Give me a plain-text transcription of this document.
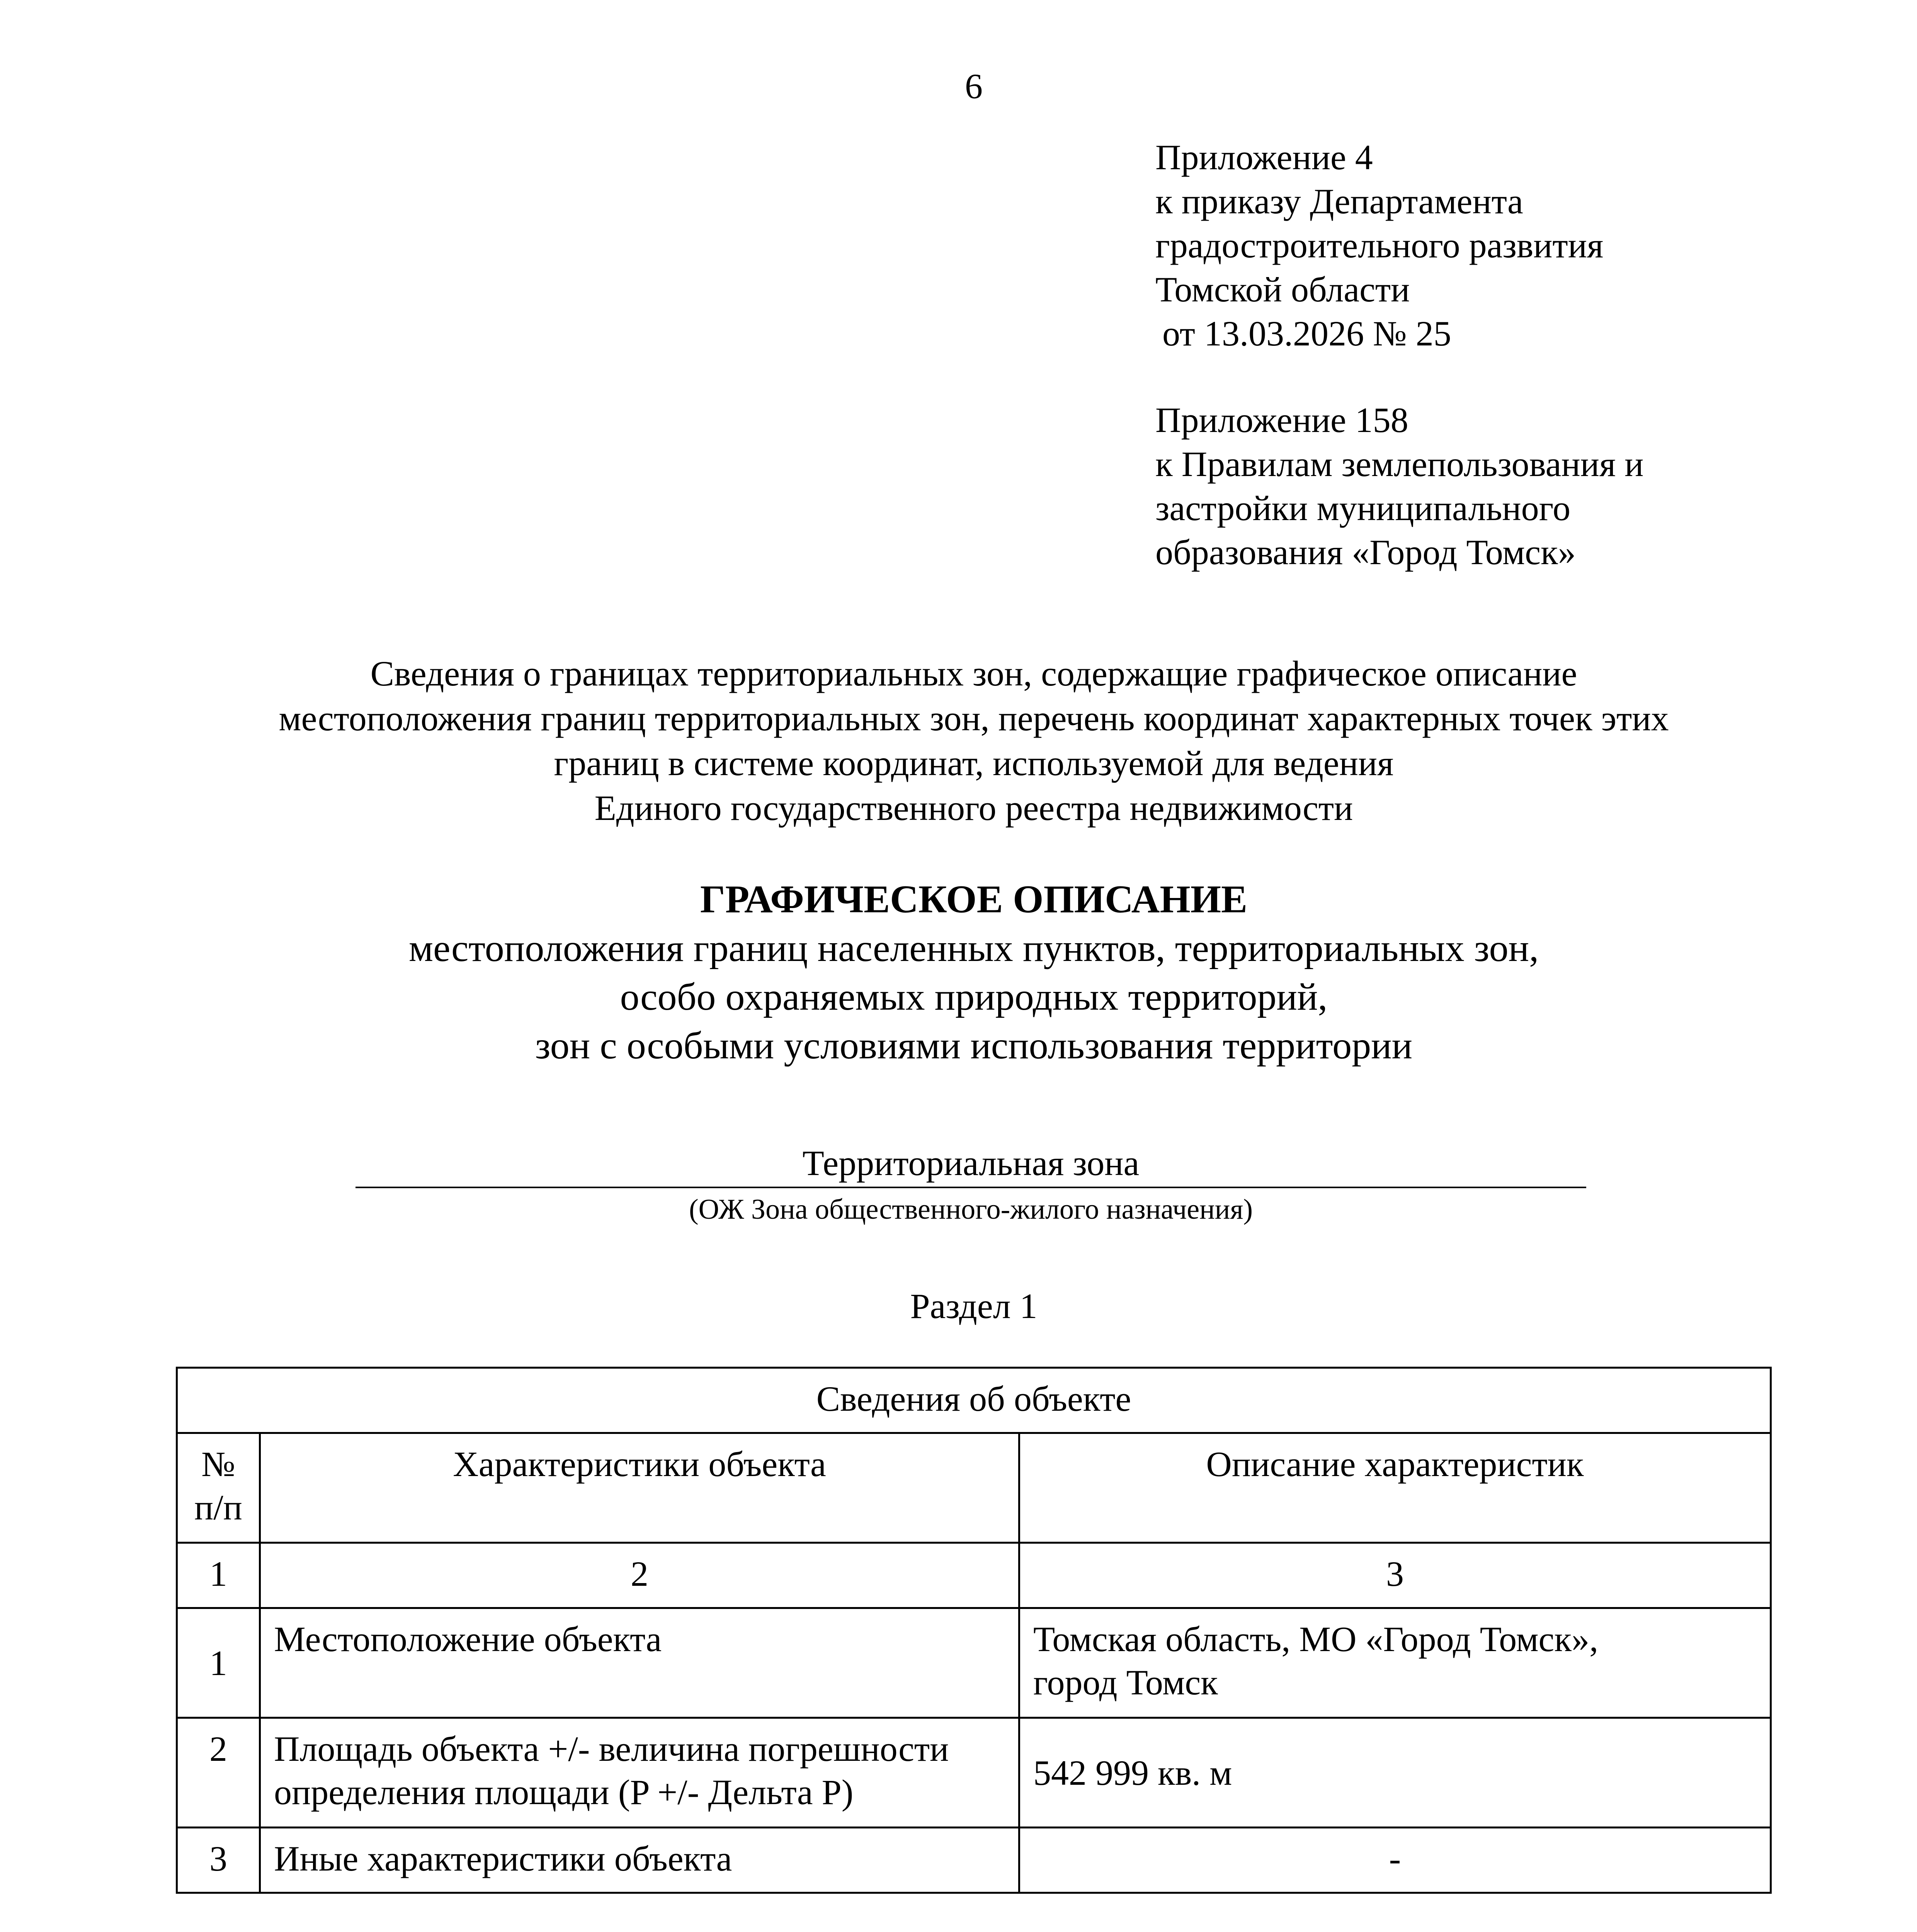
6
Приложение 4
к приказу Департамента
градостроительного развития
Томской области
от 13.03.2026 № 25
Приложение 158
к Правилам землепользования и
застройки муниципального
образования «Город Томск»
Сведения о границах территориальных зон, содержащие графическое описание
местоположения границ территориальных зон, перечень координат характерных точек этих
границ в системе координат, используемой для ведения
Единого государственного реестра недвижимости
ГРАФИЧЕСКОЕ ОПИСАНИЕ
местоположения границ населенных пунктов, территориальных зон,
особо охраняемых природных территорий,
зон с особыми условиями использования территории
Территориальная зона
(ОЖ Зона общественного-жилого назначения)
Раздел 1
Сведения об объекте		
№
п/п	Характеристики объекта	Описание характеристик
1	2	3
1	Местоположение объекта	Томская область, МО «Город Томск»,
город Томск
2	Площадь объекта +/- величина погрешности
определения площади (P +/- Дельта P)	542 999 кв. м
3	Иные характеристики объекта	-
